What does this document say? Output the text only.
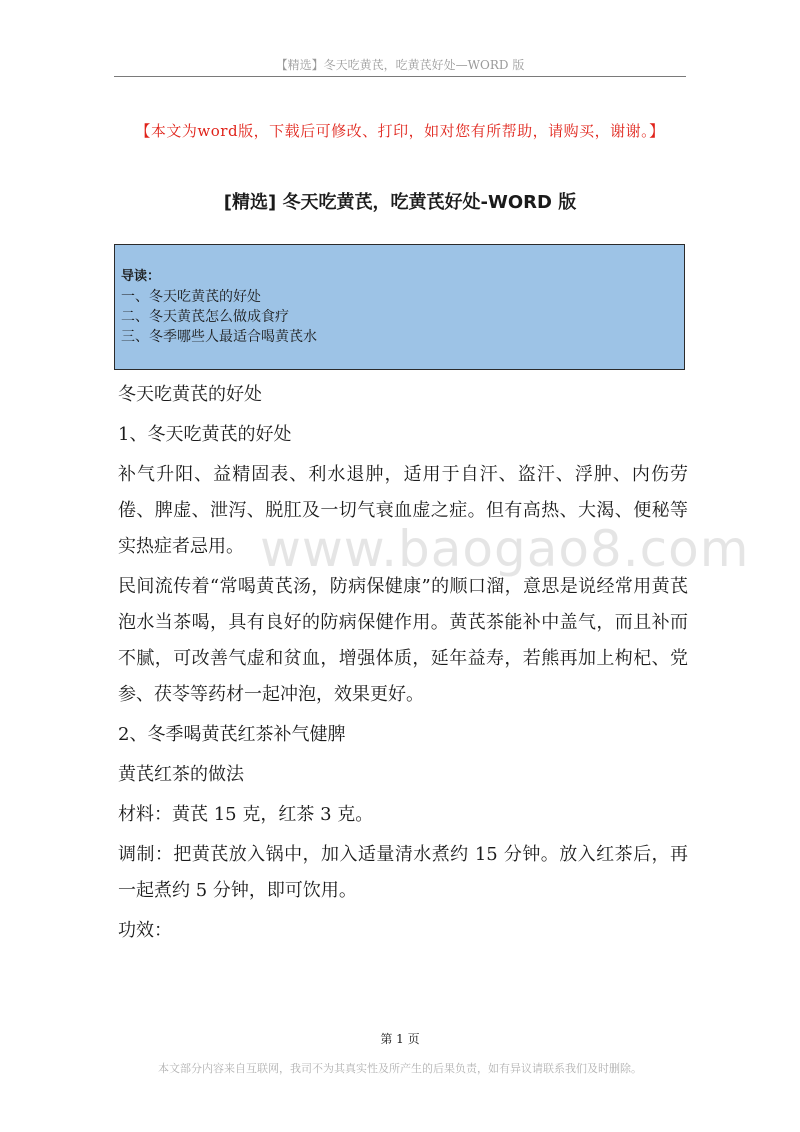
【精选】冬天吃黄芪，吃黄芪好处—WORD 版
【本文为word版，下载后可修改、打印，如对您有所帮助，请购买，谢谢。】
[精选] 冬天吃黄芪，吃黄芪好处-WORD 版
导读：
一、冬天吃黄芪的好处
二、冬天黄芪怎么做成食疗
三、冬季哪些人最适合喝黄芪水
www.baogao8.com

冬天吃黄芪的好处

1、冬天吃黄芪的好处

补气升阳、益精固表、利水退肿，适用于自汗、盗汗、浮肿、内伤劳倦、脾虚、泄泻、脱肛及一切气衰血虚之症。但有高热、大渴、便秘等实热症者忌用。

民间流传着“常喝黄芪汤，防病保健康”的顺口溜，意思是说经常用黄芪泡水当茶喝，具有良好的防病保健作用。黄芪茶能补中盖气，而且补而不腻，可改善气虚和贫血，增强体质，延年益寿，若熊再加上枸杞、党参、茯苓等药材一起冲泡，效果更好。

2、冬季喝黄芪红茶补气健脾

黄芪红茶的做法

材料：黄芪 15 克，红茶 3 克。

调制：把黄芪放入锅中，加入适量清水煮约 15 分钟。放入红茶后，再一起煮约 5 分钟，即可饮用。

功效：

第 1 页
本文部分内容来自互联网，我司不为其真实性及所产生的后果负责，如有异议请联系我们及时删除。
